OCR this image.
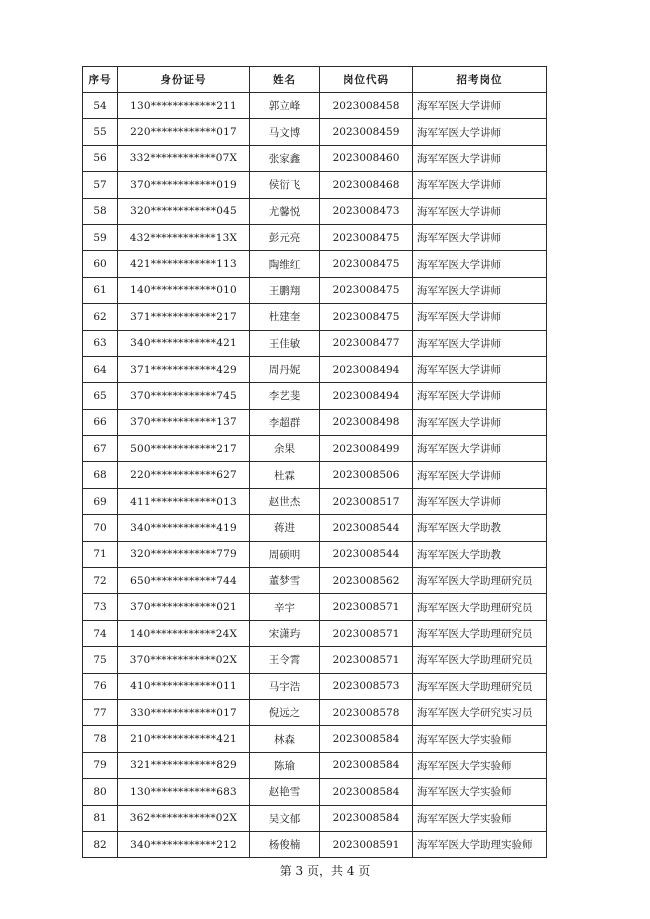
序号	身份证号	姓名	岗位代码	招考岗位
54	130************211	郭立峰	2023008458	海军军医大学讲师
55	220************017	马文博	2023008459	海军军医大学讲师
56	332************07X	张家鑫	2023008460	海军军医大学讲师
57	370************019	侯衍飞	2023008468	海军军医大学讲师
58	320************045	尤馨悦	2023008473	海军军医大学讲师
59	432************13X	彭元亮	2023008475	海军军医大学讲师
60	421************113	陶维红	2023008475	海军军医大学讲师
61	140************010	王鹏翔	2023008475	海军军医大学讲师
62	371************217	杜建奎	2023008475	海军军医大学讲师
63	340************421	王佳敏	2023008477	海军军医大学讲师
64	371************429	周丹妮	2023008494	海军军医大学讲师
65	370************745	李艺斐	2023008494	海军军医大学讲师
66	370************137	李超群	2023008498	海军军医大学讲师
67	500************217	余果	2023008499	海军军医大学讲师
68	220************627	杜霖	2023008506	海军军医大学讲师
69	411************013	赵世杰	2023008517	海军军医大学讲师
70	340************419	蒋进	2023008544	海军军医大学助教
71	320************779	周硕明	2023008544	海军军医大学助教
72	650************744	董梦雪	2023008562	海军军医大学助理研究员
73	370************021	辛宇	2023008571	海军军医大学助理研究员
74	140************24X	宋潇玙	2023008571	海军军医大学助理研究员
75	370************02X	王令霄	2023008571	海军军医大学助理研究员
76	410************011	马宇浩	2023008573	海军军医大学助理研究员
77	330************017	倪远之	2023008578	海军军医大学研究实习员
78	210************421	林森	2023008584	海军军医大学实验师
79	321************829	陈瑜	2023008584	海军军医大学实验师
80	130************683	赵艳雪	2023008584	海军军医大学实验师
81	362************02X	吴文郁	2023008584	海军军医大学实验师
82	340************212	杨俊楠	2023008591	海军军医大学助理实验师
第 3 页，共 4 页
